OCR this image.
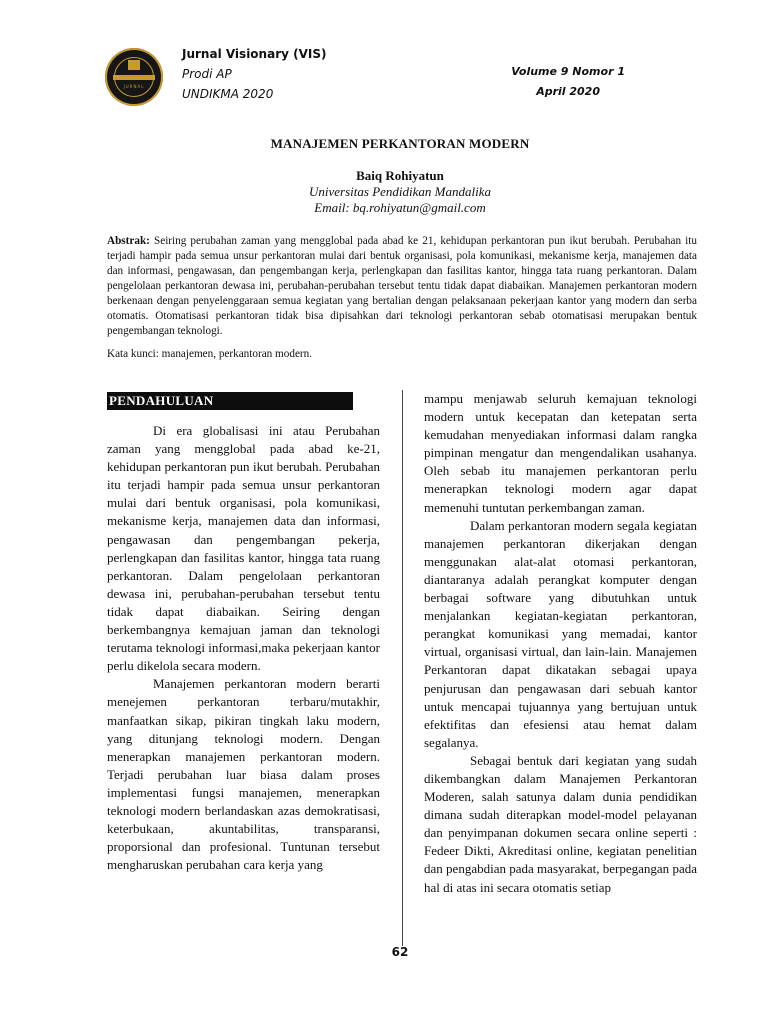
JURNAL
Jurnal Visionary (VIS)
Prodi AP
UNDIKMA 2020
Volume 9 Nomor 1
April 2020
MANAJEMEN PERKANTORAN MODERN
Baiq Rohiyatun
Universitas Pendidikan Mandalika
Email: bq.rohiyatun@gmail.com
Abstrak: Seiring perubahan zaman yang mengglobal pada abad ke 21, kehidupan perkantoran pun ikut berubah. Perubahan itu terjadi hampir pada semua unsur perkantoran mulai dari bentuk organisasi, pola komunikasi, mekanisme kerja, manajemen data dan informasi, pengawasan, dan pengembangan kerja, perlengkapan dan fasilitas kantor, hingga tata ruang perkantoran. Dalam pengelolaan perkantoran dewasa ini, perubahan-perubahan tersebut tentu tidak dapat diabaikan. Manajemen perkantoran modern berkenaan dengan penyelenggaraan semua kegiatan yang bertalian dengan pelaksanaan pekerjaan kantor yang modern dan serba otomatis. Otomatisasi perkantoran tidak bisa dipisahkan dari teknologi perkantoran sebab otomatisasi merupakan bentuk pengembangan teknologi.
Kata kunci: manajemen, perkantoran modern.
PENDAHULUAN

Di era globalisasi ini atau Perubahan zaman yang mengglobal pada abad ke-21, kehidupan perkantoran pun ikut berubah. Perubahan itu terjadi hampir pada semua unsur perkantoran mulai dari bentuk organisasi, pola komunikasi, mekanisme kerja, manajemen data dan informasi, pengawasan dan pengembangan pekerja, perlengkapan dan fasilitas kantor, hingga tata ruang perkantoran. Dalam pengelolaan perkantoran dewasa ini, perubahan-perubahan tersebut tentu tidak dapat diabaikan. Seiring dengan berkembangnya kemajuan jaman dan teknologi terutama teknologi informasi,maka pekerjaan kantor perlu dikelola secara modern.

Manajemen perkantoran modern berarti menejemen perkantoran terbaru/mutakhir, manfaatkan sikap, pikiran tingkah laku modern, yang ditunjang teknologi modern. Dengan menerapkan manajemen perkantoran modern. Terjadi perubahan luar biasa dalam proses implementasi fungsi manajemen, menerapkan teknologi modern berlandaskan azas demokratisasi, keterbukaan, akuntabilitas, transparansi, proporsional dan profesional. Tuntunan tersebut mengharuskan perubahan cara kerja yang

mampu menjawab seluruh kemajuan teknologi modern untuk kecepatan dan ketepatan serta kemudahan menyediakan informasi dalam rangka pimpinan mengatur dan mengendalikan usahanya. Oleh sebab itu manajemen perkantoran perlu menerapkan teknologi modern agar dapat memenuhi tuntutan perkembangan zaman.

Dalam perkantoran modern segala kegiatan manajemen perkantoran dikerjakan dengan menggunakan alat-alat otomasi perkantoran, diantaranya adalah perangkat komputer dengan berbagai software yang dibutuhkan untuk menjalankan kegiatan-kegiatan perkantoran, perangkat komunikasi yang memadai, kantor virtual, organisasi virtual, dan lain-lain. Manajemen Perkantoran dapat dikatakan sebagai upaya penjurusan dan pengawasan dari sebuah kantor untuk mencapai tujuannya yang bertujuan untuk efektifitas dan efesiensi atau hemat dalam segalanya.

Sebagai bentuk dari kegiatan yang sudah dikembangkan dalam Manajemen Perkantoran Moderen, salah satunya dalam dunia pendidikan dimana sudah diterapkan model-model pelayanan dan penyimpanan dokumen secara online seperti : Fedeer Dikti, Akreditasi online, kegiatan penelitian dan pengabdian pada masyarakat, berpegangan pada hal di atas ini secara otomatis setiap

62
